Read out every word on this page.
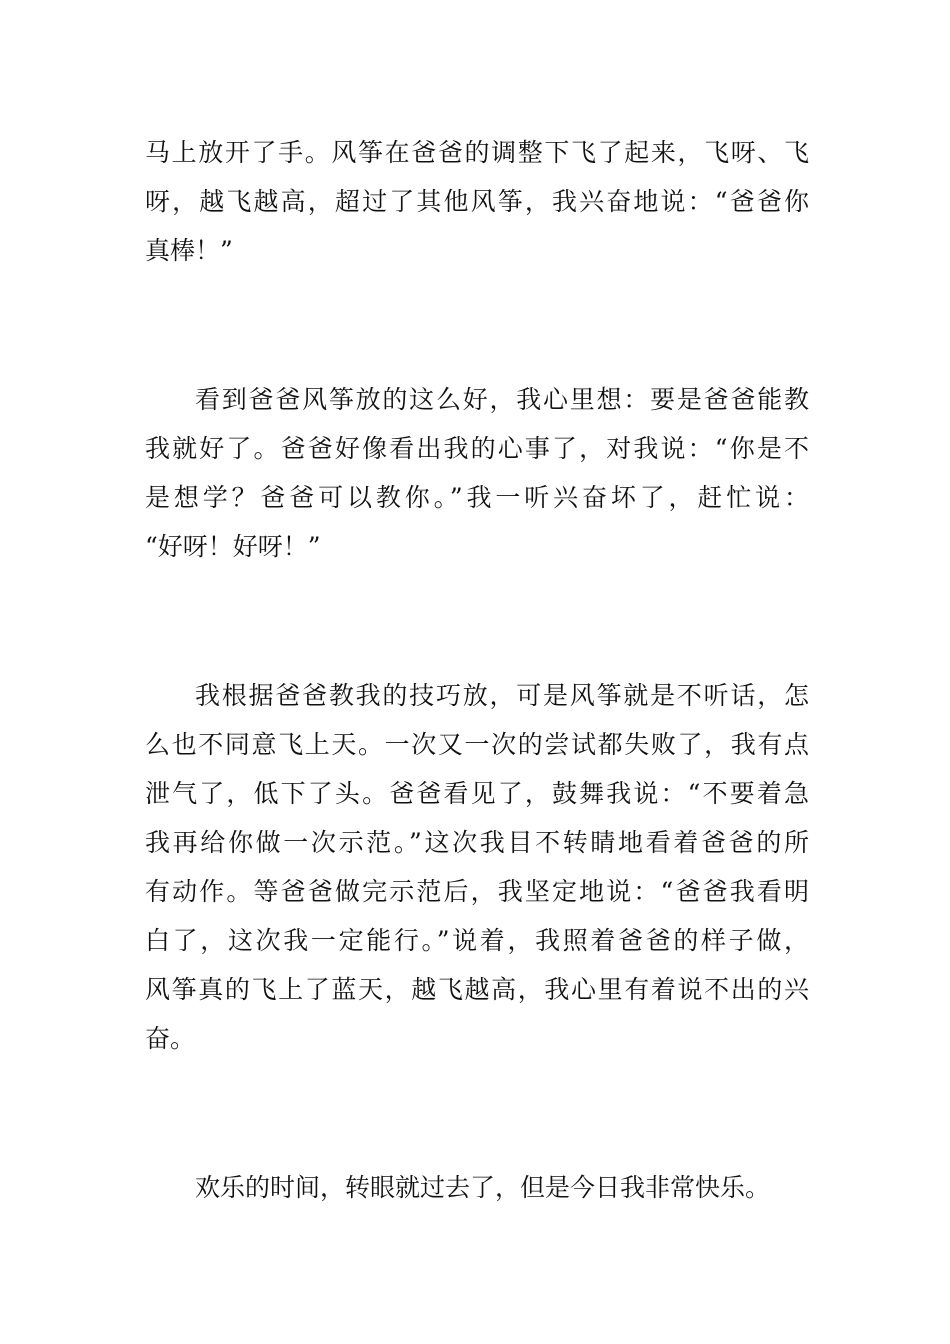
马上放开了手。风筝在爸爸的调整下飞了起来，飞呀、飞
呀，越飞越高，超过了其他风筝，我兴奋地说：“爸爸你
真棒！”
看到爸爸风筝放的这么好，我心里想：要是爸爸能教
我就好了。爸爸好像看出我的心事了，对我说：“你是不
是想学？爸爸可以教你。”我一听兴奋坏了，赶忙说：
“好呀！好呀！”
我根据爸爸教我的技巧放，可是风筝就是不听话，怎
么也不同意飞上天。一次又一次的尝试都失败了，我有点
泄气了，低下了头。爸爸看见了，鼓舞我说：“不要着急
我再给你做一次示范。”这次我目不转睛地看着爸爸的所
有动作。等爸爸做完示范后，我坚定地说：“爸爸我看明
白了，这次我一定能行。”说着，我照着爸爸的样子做，
风筝真的飞上了蓝天，越飞越高，我心里有着说不出的兴
奋。
欢乐的时间，转眼就过去了，但是今日我非常快乐。
